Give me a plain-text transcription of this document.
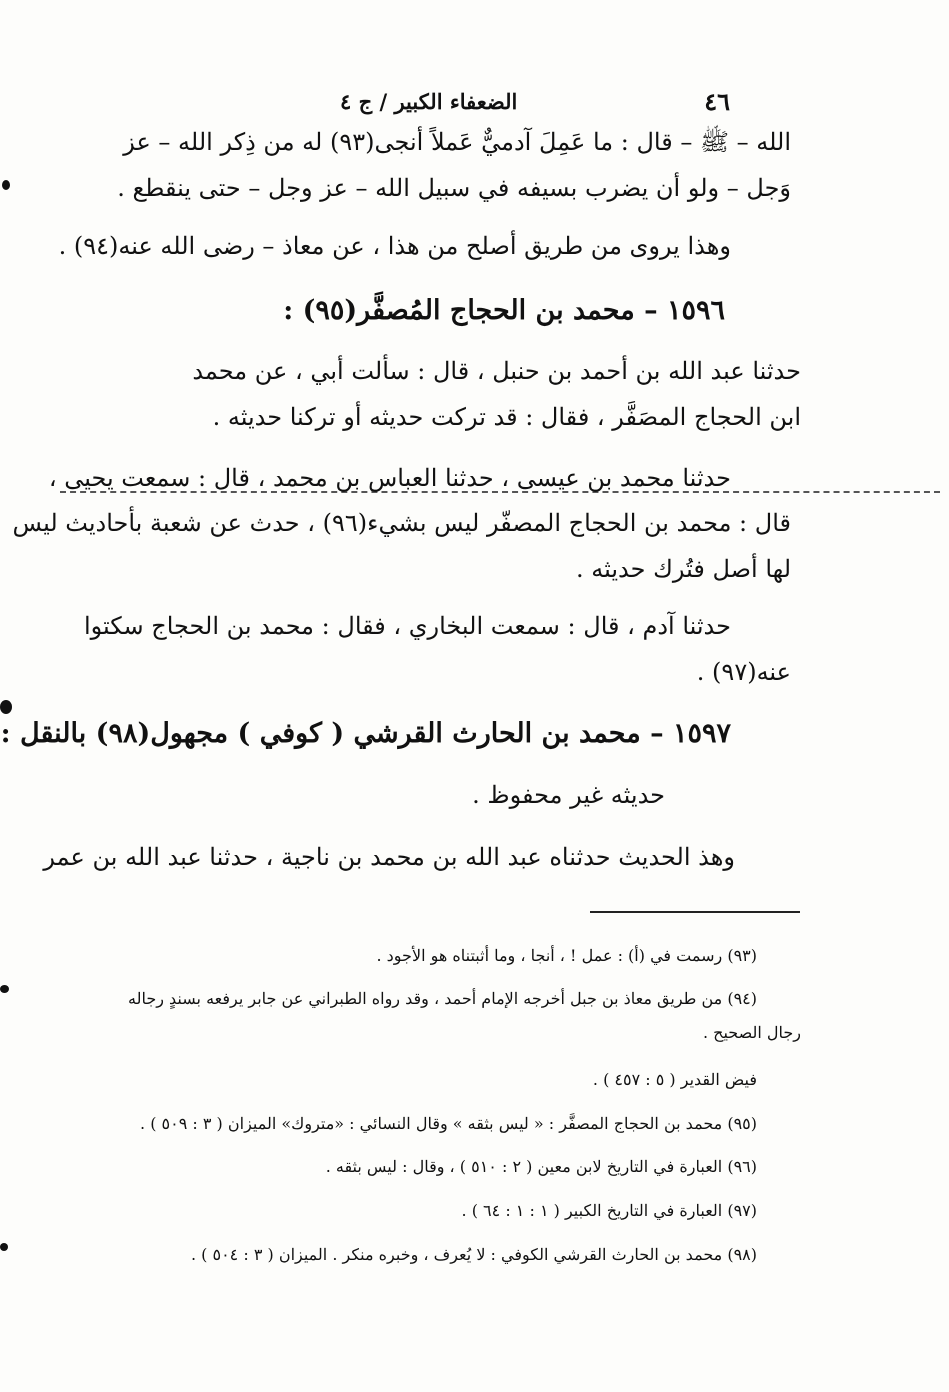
٤٦
الضعفاء الكبير / ج ٤
الله – ﷺ – قال : ما عَمِلَ آدميٌّ عَملاً أنجى(٩٣) له من ذِكر الله – عز
وَجل – ولو أن يضرب بسيفه في سبيل الله – عز وجل – حتى ينقطع .
وهذا يروى من طريق أصلح من هذا ، عن معاذ – رضى الله عنه(٩٤) .
١٥٩٦ – محمد بن الحجاج المُصفَّر(٩٥) :
حدثنا عبد الله بن أحمد بن حنبل ، قال : سألت أبي ، عن محمد
ابن الحجاج المصَفَّر ، فقال : قد تركت حديثه أو تركنا حديثه .
حدثنا محمد بن عيسى ، حدثنا العباس بن محمد ، قال : سمعت يحيى ،
قال : محمد بن الحجاج المصفّر ليس بشيء(٩٦) ، حدث عن شعبة بأحاديث ليس
لها أصل فتُرك حديثه .
حدثنا آدم ، قال : سمعت البخاري ، فقال : محمد بن الحجاج سكتوا
عنه(٩٧) .
١٥٩٧ – محمد بن الحارث القرشي ( كوفي ) مجهول(٩٨) بالنقل :
حديثه غير محفوظ .
وهذ الحديث حدثناه عبد الله بن محمد بن ناجية ، حدثنا عبد الله بن عمر
(٩٣) رسمت في (أ) : عمل ! ، أنجا ، وما أثبتناه هو الأجود .
(٩٤) من طريق معاذ بن جبل أخرجه الإمام أحمد ، وقد رواه الطبراني عن جابر يرفعه بسندٍ رجاله
رجال الصحيح .
فيض القدير ( ٥ : ٤٥٧ ) .
(٩٥) محمد بن الحجاج المصفَّر : « ليس بثقه » وقال النسائي : «متروك» الميزان ( ٣ : ٥٠٩ ) .
(٩٦) العبارة في التاريخ لابن معين ( ٢ : ٥١٠ ) ، وقال : ليس بثقه .
(٩٧) العبارة في التاريخ الكبير ( ١ : ١ : ٦٤ ) .
(٩٨) محمد بن الحارث القرشي الكوفي : لا يُعرف ، وخبره منكر . الميزان ( ٣ : ٥٠٤ ) .
